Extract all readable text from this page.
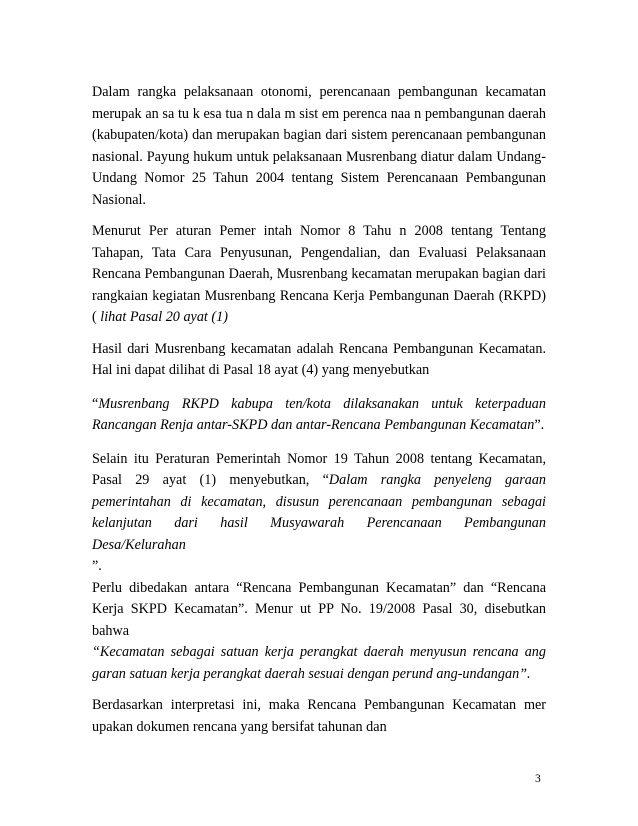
Dalam rangka pelaksanaan otonomi, perencanaan pembangunan kecamatan merupak an sa tu k esa tua n dala m sist em perenca naa n pembangunan daerah (kabupaten/kota) dan merupakan bagian dari sistem perencanaan pembangunan nasional. Payung hukum untuk pelaksanaan Musrenbang diatur dalam Undang-Undang Nomor 25 Tahun 2004 tentang Sistem Perencanaan Pembangunan Nasional.

Menurut Per aturan Pemer intah Nomor 8 Tahu n 2008 tentang Tentang Tahapan, Tata Cara Penyusunan, Pengendalian, dan Evaluasi Pelaksanaan Rencana Pembangunan Daerah, Musrenbang kecamatan merupakan bagian dari rangkaian kegiatan Musrenbang Rencana Kerja Pembangunan Daerah (RKPD) ( lihat Pasal 20 ayat (1)

Hasil dari Musrenbang kecamatan adalah Rencana Pembangunan Kecamatan. Hal ini dapat dilihat di Pasal 18 ayat (4) yang menyebutkan

“Musrenbang RKPD kabupa ten/kota dilaksanakan untuk keterpaduan Rancangan Renja antar-SKPD dan antar-Rencana Pembangunan Kecamatan”.

Selain itu Peraturan Pemerintah Nomor 19 Tahun 2008 tentang Kecamatan, Pasal 29 ayat (1) menyebutkan, “Dalam rangka penyeleng garaan pemerintahan di kecamatan, disusun perencanaan pembangunan sebagai kelanjutan dari hasil Musyawarah Perencanaan Pembangunan Desa/Kelurahan

”.

Perlu dibedakan antara “Rencana Pembangunan Kecamatan” dan “Rencana Kerja SKPD Kecamatan”. Menur ut PP No. 19/2008 Pasal 30, disebutkan bahwa

“Kecamatan sebagai satuan kerja perangkat daerah menyusun rencana ang garan satuan kerja perangkat daerah sesuai dengan perund ang-undangan”.

Berdasarkan interpretasi ini, maka Rencana Pembangunan Kecamatan mer upakan dokumen rencana yang bersifat tahunan dan

3
